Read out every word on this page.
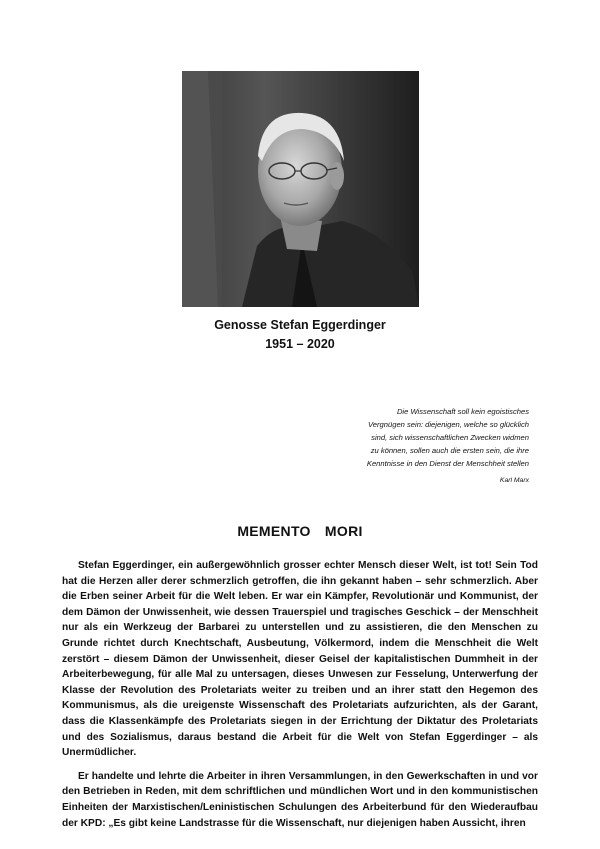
Genosse Stefan Eggerdinger
1951 – 2020
Die Wissenschaft soll kein egoistisches
Vergnügen sein: diejenigen, welche so glücklich
sind, sich wissenschaftlichen Zwecken widmen
zu können, sollen auch die ersten sein, die ihre
Kenntnisse in den Dienst der Menschheit stellen
Karl Marx
MEMENTO MORI

Stefan Eggerdinger, ein außergewöhnlich grosser echter Mensch dieser Welt, ist tot! Sein Tod hat die Herzen aller derer schmerzlich getroffen, die ihn gekannt haben – sehr schmerzlich. Aber die Erben seiner Arbeit für die Welt leben. Er war ein Kämpfer, Revolutionär und Kommunist, der dem Dämon der Unwissenheit, wie dessen Trauerspiel und tragisches Geschick – der Menschheit nur als ein Werkzeug der Barbarei zu unterstellen und zu assistieren, die den Menschen zu Grunde richtet durch Knechtschaft, Ausbeutung, Völkermord, indem die Menschheit die Welt zerstört – diesem Dämon der Unwissenheit, dieser Geisel der kapitalistischen Dummheit in der Arbeiterbewegung, für alle Mal zu untersagen, dieses Unwesen zur Fesselung, Unterwerfung der Klasse der Revolution des Proletariats weiter zu treiben und an ihrer statt den Hegemon des Kommunismus, als die ureigenste Wissenschaft des Proletariats aufzurichten, als der Garant, dass die Klassenkämpfe des Proletariats siegen in der Errichtung der Diktatur des Proletariats und des Sozialismus, daraus bestand die Arbeit für die Welt von Stefan Eggerdinger – als Unermüdlicher.

Er handelte und lehrte die Arbeiter in ihren Versammlungen, in den Gewerkschaften in und vor den Betrieben in Reden, mit dem schriftlichen und mündlichen Wort und in den kommunistischen Einheiten der Marxistischen/Leninistischen Schulungen des Arbeiterbund für den Wiederaufbau der KPD: „Es gibt keine Landstrasse für die Wissenschaft, nur diejenigen haben Aussicht, ihren
